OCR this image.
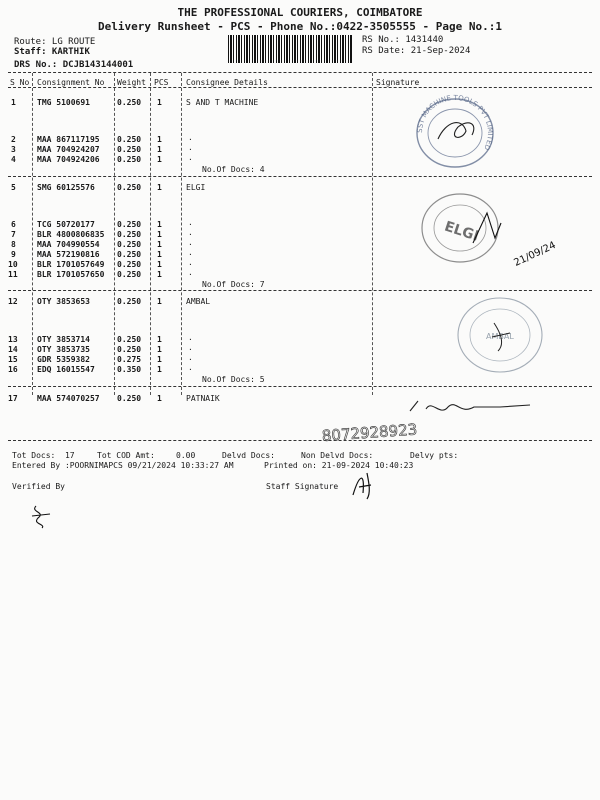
THE PROFESSIONAL COURIERS, COIMBATORE
Delivery Runsheet - PCS - Phone No.:0422-3505555 - Page No.:1
Route: LG ROUTE
Staff: KARTHIK
DRS No.: DCJB143144001
RS No.: 1431440
RS Date: 21-Sep-2024
S No Consignment No Weight PCS Consignee Details	Signature
1	TMG 5100691	0.250 1	S AND T MACHINE
2	MAA 867117195 0.250 1	.
3	MAA 704924207 0.250 1	.
4	MAA 704924206 0.250 1	.
No.Of Docs: 4
5	SMG 60125576	0.250 1	ELGI
6	TCG 50720177	0.250 1	.
7	BLR 4800806835 0.250 1	.
8	MAA 704990554 0.250 1	.
9	MAA 572190816 0.250 1	.
10 BLR 1701057649 0.250 1	.
11 BLR 1701057650 0.250 1	.
No.Of Docs: 7
12 OTY 3853653	0.250 1	AMBAL
13 OTY 3853714	0.250 1	.
14 OTY 3853735	0.250 1	.
15 GDR 5359382	0.275 1	.
16 EDQ 16015547	0.350 1	.
No.Of Docs: 5
17 MAA 574070257 0.250 1	PATNAIK
SST MACHINE TOOLS PVT LIMITED
ELGI
21/09/24
AMBAL
8072928923
Tot Docs:  17	Tot COD Amt:	0.00	Delvd Docs:	Non Delvd Docs:	Delvy pts:
Entered By :POORNIMAPCS 09/21/2024 10:33:27 AM	Printed on: 21-09-2024 10:40:23
Verified By	Staff Signature
